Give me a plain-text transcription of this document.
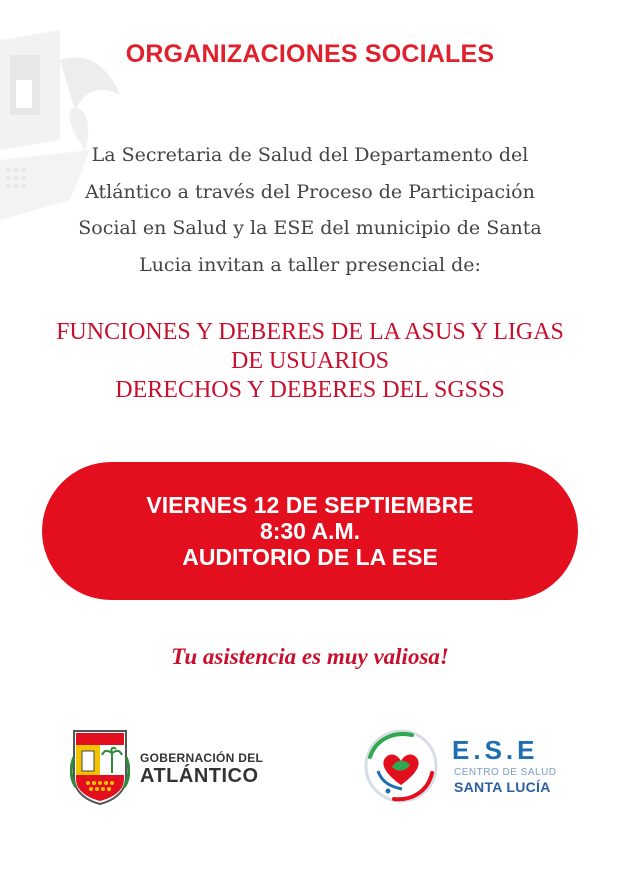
ORGANIZACIONES SOCIALES
La Secretaria de Salud del Departamento del
Atlántico a través del Proceso de Participación
Social en Salud y la ESE del municipio de Santa
Lucia invitan a taller presencial de:
FUNCIONES Y DEBERES DE LA ASUS Y LIGAS
DE USUARIOS
DERECHOS Y DEBERES DEL SGSSS
VIERNES 12 DE SEPTIEMBRE
8:30 A.M.
AUDITORIO DE LA ESE
Tu asistencia es muy valiosa!
GOBERNACIÓN DEL
ATLÁNTICO
E.S.E
CENTRO DE SALUD
SANTA LUCÍA
